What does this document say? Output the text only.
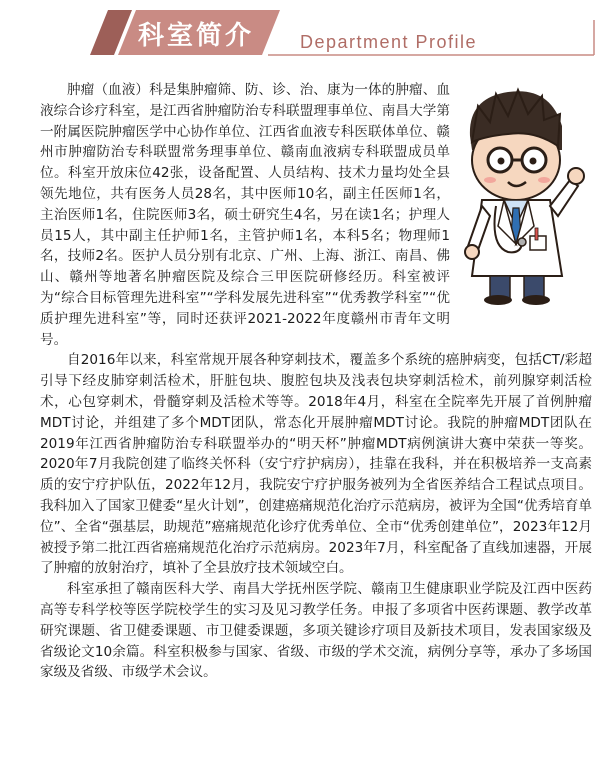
科室简介	Department Profile

肿瘤（血液）科是集肿瘤筛、防、诊、治、康为一体的肿瘤、血液综合诊疗科室，是江西省肿瘤防治专科联盟理事单位、南昌大学第一附属医院肿瘤医学中心协作单位、江西省血液专科医联体单位、赣州市肿瘤防治专科联盟常务理事单位、赣南血液病专科联盟成员单位。科室开放床位42张，设备配置、人员结构、技术力量均处全县领先地位，共有医务人员28名，其中医师10名，副主任医师1名，主治医师1名，住院医师3名，硕士研究生4名，另在读1名；护理人员15人，其中副主任护师1名，主管护师1名，本科5名；物理师1名，技师2名。医护人员分别有北京、广州、上海、浙江、南昌、佛山、赣州等地著名肿瘤医院及综合三甲医院研修经历。科室被评为“综合目标管理先进科室”“学科发展先进科室”“优秀教学科室”“优质护理先进科室”等，同时还获评2021-2022年度赣州市青年文明号。

自2016年以来，科室常规开展各种穿刺技术，覆盖多个系统的癌肿病变，包括CT/彩超引导下经皮肺穿刺活检术，肝脏包块、腹腔包块及浅表包块穿刺活检术，前列腺穿刺活检术，心包穿刺术，骨髓穿刺及活检术等等。2018年4月，科室在全院率先开展了首例肿瘤MDT讨论，并组建了多个MDT团队，常态化开展肿瘤MDT讨论。我院的肿瘤MDT团队在2019年江西省肿瘤防治专科联盟举办的“明天杯”肿瘤MDT病例演讲大赛中荣获一等奖。2020年7月我院创建了临终关怀科（安宁疗护病房），挂靠在我科，并在积极培养一支高素质的安宁疗护队伍，2022年12月，我院安宁疗护服务被列为全省医养结合工程试点项目。我科加入了国家卫健委“星火计划”，创建癌痛规范化治疗示范病房，被评为全国“优秀培育单位”、全省“强基层，助规范”癌痛规范化诊疗优秀单位、全市“优秀创建单位”，2023年12月被授予第二批江西省癌痛规范化治疗示范病房。2023年7月，科室配备了直线加速器，开展了肿瘤的放射治疗，填补了全县放疗技术领域空白。

科室承担了赣南医科大学、南昌大学抚州医学院、赣南卫生健康职业学院及江西中医药高等专科学校等医学院校学生的实习及见习教学任务。申报了多项省中医药课题、教学改革研究课题、省卫健委课题、市卫健委课题，多项关键诊疗项目及新技术项目，发表国家级及省级论文10余篇。科室积极参与国家、省级、市级的学术交流，病例分享等，承办了多场国家级及省级、市级学术会议。
